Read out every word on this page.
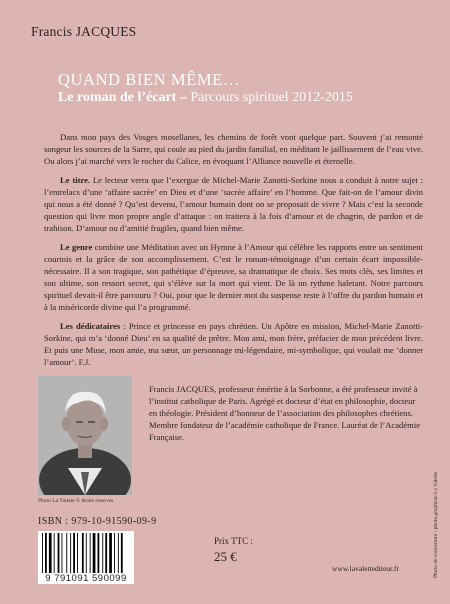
Francis JACQUES
QUAND BIEN MÊME…
Le roman de l’écart – Parcours spirituel 2012-2015

Dans mon pays des Vosges mosellanes, les chemins de forêt vont quelque part. Souvent j’ai remonté songeur les sources de la Sarre, qui coule au pied du jardin familial, en méditant le jaillissement de l’eau vive. Ou alors j’ai marché vers le rocher du Calice, en évoquant l’Alliance nouvelle et éternelle.

Le titre. Le lecteur verra que l’exergue de Michel-Marie Zanotti-Sorkine nous a conduit à notre sujet : l’entrelacs d’une ‘affaire sacrée’ en Dieu et d’une ‘sacrée affaire’ en l’homme. Que fait-on de l’amour divin qui nous a été donné ? Qu’est devenu, l’amour humain dont on se proposait de vivre ? Mais c’est la seconde question qui livre mon propre angle d’attaque : on traitera à la fois d’amour et de chagrin, de pardon et de trahison. D’amour ou d’amitié fragiles, quand bien même.

Le genre combine une Méditation avec un Hymne à l’Amour qui célèbre les rapports entre un sentiment courtois et la grâce de son accomplissement. C’est le roman-témoignage d’un certain écart impossible-nécessaire. Il a son tragique, son pathétique d’épreuve, sa dramatique de choix. Ses mots clés, ses limites et son ultime, son ressort secret, qui s’élève sur la mort qui vient. De là un rythme haletant. Notre parcours spirituel devait-il être parcouru ? Oui, pour que le dernier mot du suspense reste à l’offre du pardon humain et à la miséricorde divine qui l’a programmé.

Les dédicataires : Prince et princesse en pays chrétien. Un Apôtre en mission, Michel-Marie Zanotti-Sorkine, qui m’a ‘donné Dieu’ en sa qualité de prêtre. Mon ami, mon frère, préfacier de mon précédent livre. Et puis une Muse, mon amie, ma sœur, un personnage mi-légendaire, mi-symbolique, qui voulait me ‘donner l’amour’. F.J.

Photo La Valette © droits réservés
Francis JACQUES, professeur émérite à la Sorbonne, a été professeur invité à l’institut catholique de Paris. Agrégé et docteur d’état en philosophie, docteur en théologie. Président d’honneur de l’association des philosophes chrétiens. Membre fondateur de l’académie catholique de France. Lauréat de l’Académie Française.
ISBN : 979-10-91590-09-9
9 791091 590099
Prix TTC :
25 €
www.lavalettediteur.fr	Photo de couverture : photo.graphiste La Valette
